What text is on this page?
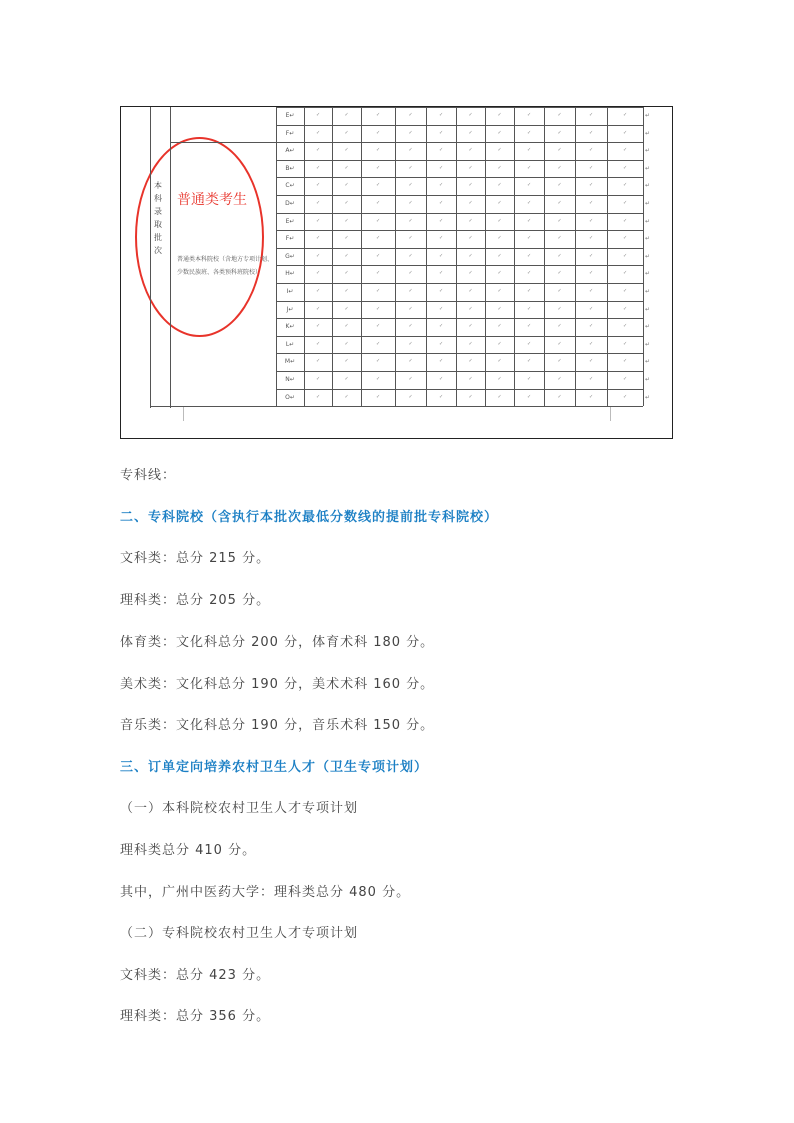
本科录取批次
普通类考生
普通类本科院校（含地方专项计划、少数民族班、各类预科班院校）
E↵	✓	✓	✓	✓	✓	✓	✓	✓	✓	✓	✓	↵
F↵	✓	✓	✓	✓	✓	✓	✓	✓	✓	✓	✓	↵
A↵	✓	✓	✓	✓	✓	✓	✓	✓	✓	✓	✓	↵
B↵	✓	✓	✓	✓	✓	✓	✓	✓	✓	✓	✓	↵
C↵	✓	✓	✓	✓	✓	✓	✓	✓	✓	✓	✓	↵
D↵	✓	✓	✓	✓	✓	✓	✓	✓	✓	✓	✓	↵
E↵	✓	✓	✓	✓	✓	✓	✓	✓	✓	✓	✓	↵
F↵	✓	✓	✓	✓	✓	✓	✓	✓	✓	✓	✓	↵
G↵	✓	✓	✓	✓	✓	✓	✓	✓	✓	✓	✓	↵
H↵	✓	✓	✓	✓	✓	✓	✓	✓	✓	✓	✓	↵
I↵	✓	✓	✓	✓	✓	✓	✓	✓	✓	✓	✓	↵
J↵	✓	✓	✓	✓	✓	✓	✓	✓	✓	✓	✓	↵
K↵	✓	✓	✓	✓	✓	✓	✓	✓	✓	✓	✓	↵
L↵	✓	✓	✓	✓	✓	✓	✓	✓	✓	✓	✓	↵
M↵	✓	✓	✓	✓	✓	✓	✓	✓	✓	✓	✓	↵
N↵	✓	✓	✓	✓	✓	✓	✓	✓	✓	✓	✓	↵
O↵	✓	✓	✓	✓	✓	✓	✓	✓	✓	✓	✓	↵
专科线：
二、专科院校（含执行本批次最低分数线的提前批专科院校）
文科类：总分 215 分。
理科类：总分 205 分。
体育类：文化科总分 200 分，体育术科 180 分。
美术类：文化科总分 190 分，美术术科 160 分。
音乐类：文化科总分 190 分，音乐术科 150 分。
三、订单定向培养农村卫生人才（卫生专项计划）
（一）本科院校农村卫生人才专项计划
理科类总分 410 分。
其中，广州中医药大学：理科类总分 480 分。
（二）专科院校农村卫生人才专项计划
文科类：总分 423 分。
理科类：总分 356 分。
